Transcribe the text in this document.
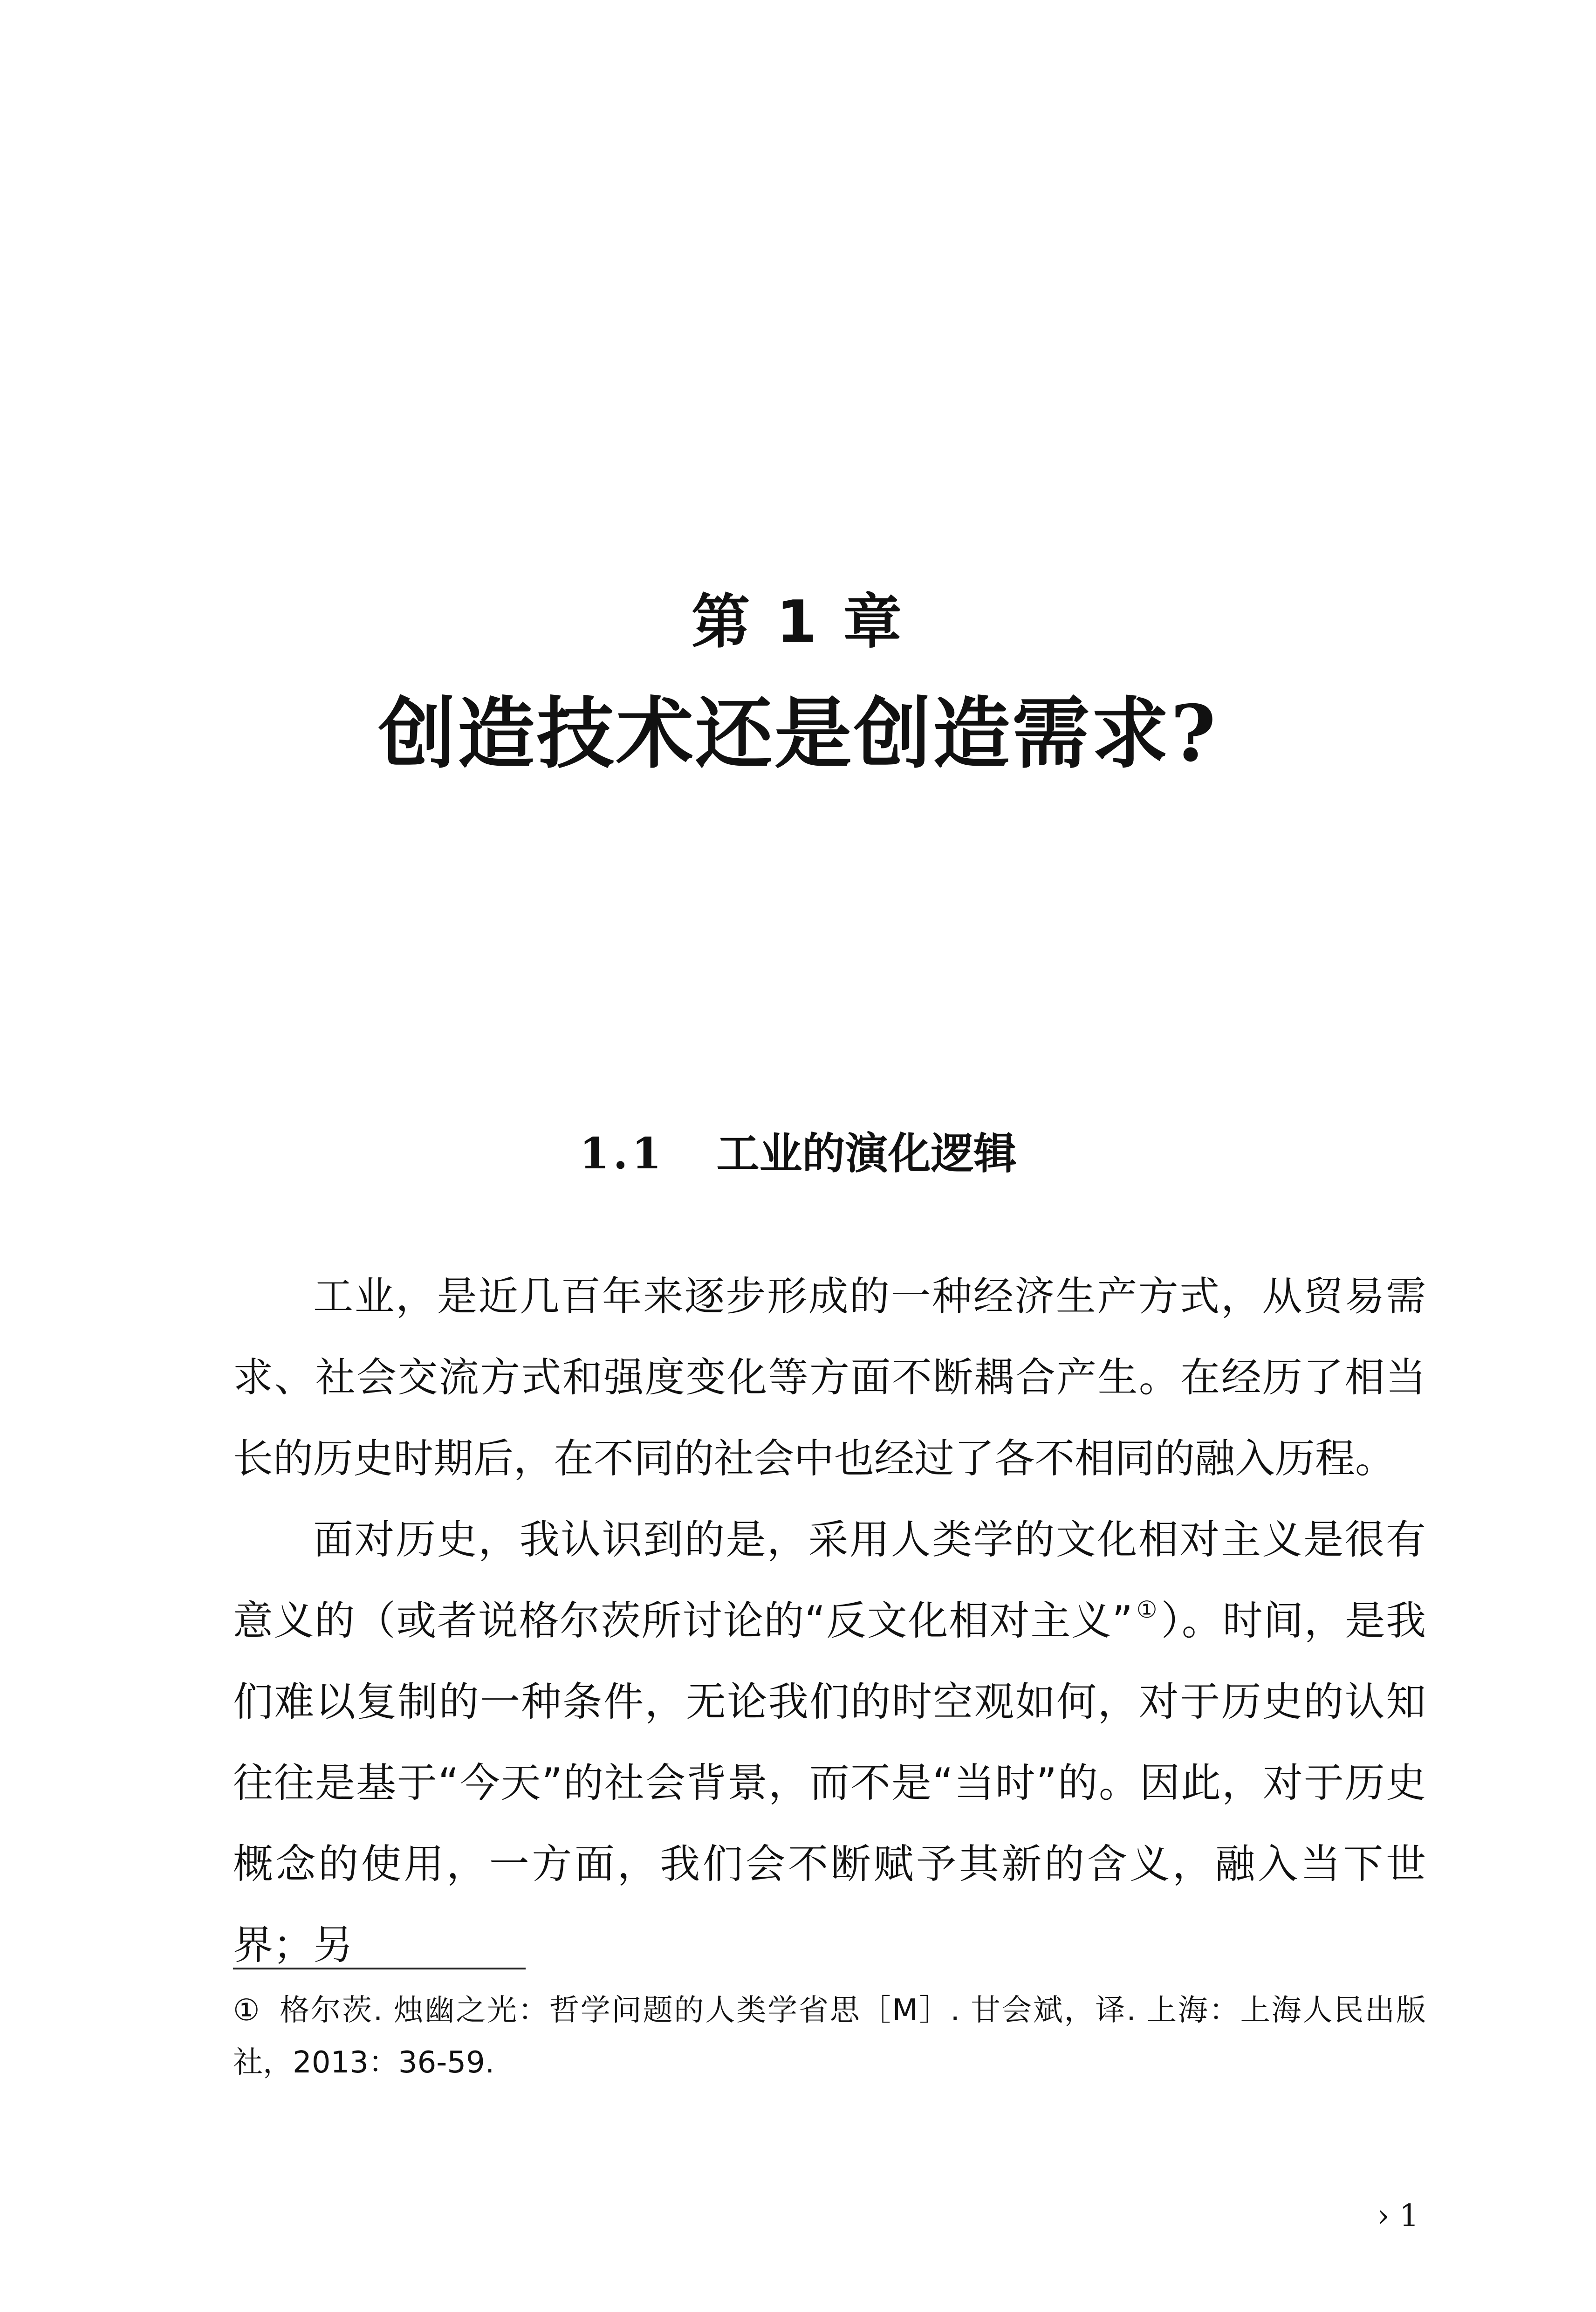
第 1 章
创造技术还是创造需求?
1.1 工业的演化逻辑

工业，是近几百年来逐步形成的一种经济生产方式，从贸易需求、社会交流方式和强度变化等方面不断耦合产生。在经历了相当长的历史时期后，在不同的社会中也经过了各不相同的融入历程。

面对历史，我认识到的是，采用人类学的文化相对主义是很有意义的（或者说格尔茨所讨论的“反文化相对主义” ①）。时间，是我们难以复制的一种条件，无论我们的时空观如何，对于历史的认知往往是基于“今天”的社会背景，而不是“当时”的。因此，对于历史概念的使用，一方面，我们会不断赋予其新的含义，融入当下世界；另

① 格尔茨. 烛幽之光：哲学问题的人类学省思［M］. 甘会斌，译. 上海：上海人民出版社，2013：36-59.
› 1
